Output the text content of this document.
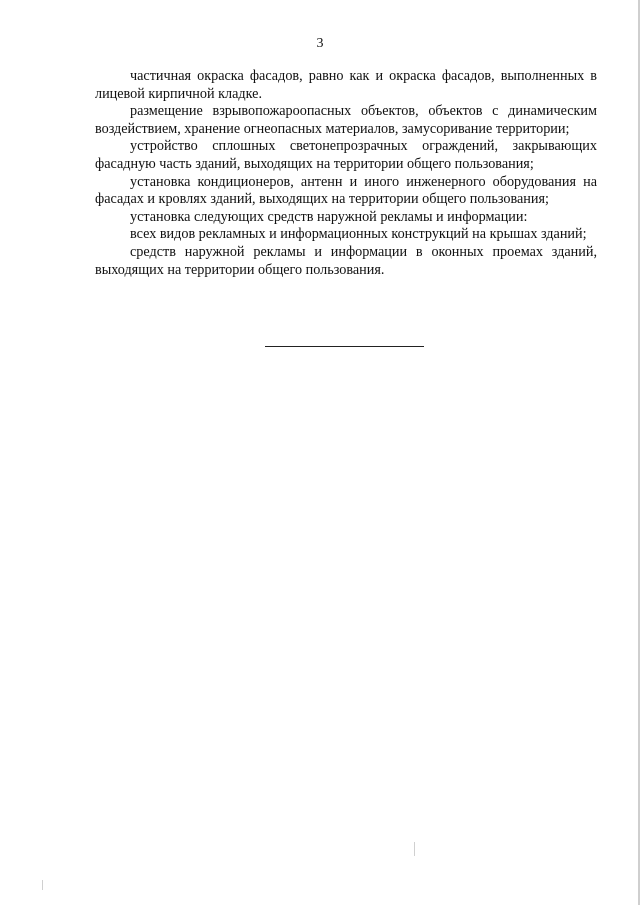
3

частичная окраска фасадов, равно как и окраска фасадов, выполненных в лицевой кирпичной кладке.

размещение взрывопожароопасных объектов, объектов с динамическим воздействием, хранение огнеопасных материалов, замусоривание территории;

устройство сплошных светонепрозрачных ограждений, закрывающих фасадную часть зданий, выходящих на территории общего пользования;

установка кондиционеров, антенн и иного инженерного оборудования на фасадах и кровлях зданий, выходящих на территории общего пользования;

установка следующих средств наружной рекламы и информации:

всех видов рекламных и информационных конструкций на крышах зданий;

средств наружной рекламы и информации в оконных проемах зданий, выходящих на территории общего пользования.
